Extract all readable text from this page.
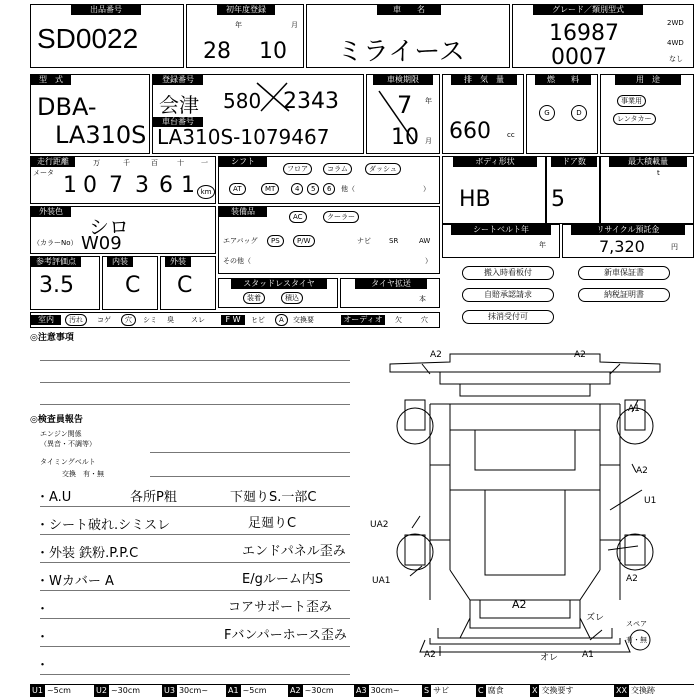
出品番号
SD0022
初年度登録
年	月
28 10
車　　名
ミライース
グレード／類別型式
16987
0007
2WD
4WD
なし
型　式
DBA-
LA310S
登録番号
会津 580 2343
車台番号
LA310S-1079467
車検期限
年
月
7
10
排　気　量
660 cc
燃　　料
G	D
用　途
事業用
レンタカー
走行距離
メータ
万	千	百	十 一
1 0 7 3 6 1 km
シフト
フロア	コラム	ダッシュ
AT	MT	4	5	6	他（	）
ボディ形状
HB
ドア数
5
最大積載量
t
外装色
シロ
（カラーNo） W09
装備品
AC	クーラー
P/W
PS
エアバッグ	ナビ	SR	AW
その他（	）
シートベルト年
年
リサイクル預託金
7,320	円
参考評価点
3.5
内装
C
外装
C	スタッドレスタイヤ
装着	積込
タイヤ拡送
本
室内	汚れ	コゲ	穴	シミ 臭 スレ	F W	ヒビ	A	交換要	オーディオ	欠	穴
搬入時看板付	新車保証書
自賠承認請求	納税証明書
抹消受付可
◎注意事項
◎検査員報告
エンジン関係
（異音・不調等）
タイミングベルト
交換　有・無
・A.U	各所P粗	下廻りS.一部C
・シート破れ.シミスレ	足廻りC
・外装 鉄粉.P.P.C	エンドパネル歪み
・Wカバー A	E/gルーム内S
・	コアサポート歪み
・	Fバンパーホース歪み
・
A2	A2
A1
A2
U1
UA2
UA1	A2
A2
ズレ
A2	オレ	A1
スペア
有・無
U1 ~5cm	U2 ~30cm	U3 30cm~ A1 ~5cm	A2 ~30cm	A3 30cm~	S サビ	C 腐食	X 交換要す	XX 交換跡
